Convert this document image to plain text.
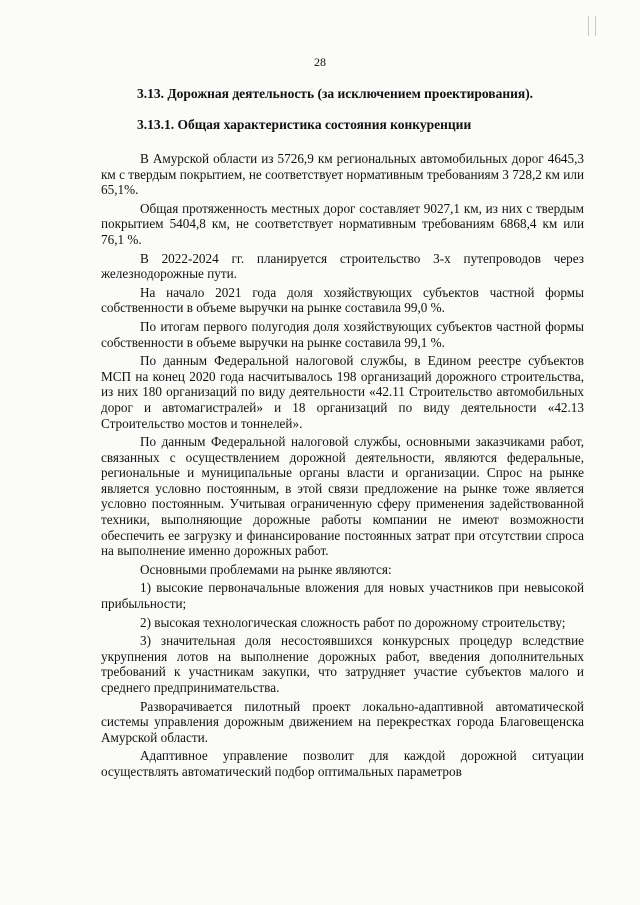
28
3.13. Дорожная деятельность (за исключением проектирования).
3.13.1. Общая характеристика состояния конкуренции

В Амурской области из 5726,9 км региональных автомобильных дорог 4645,3 км с твердым покрытием, не соответствует нормативным требованиям 3 728,2 км или 65,1%.

Общая протяженность местных дорог составляет 9027,1 км, из них с твердым покрытием 5404,8 км, не соответствует нормативным требованиям 6868,4 км или 76,1 %.

В 2022-2024 гг. планируется строительство 3-х путепроводов через железнодорожные пути.

На начало 2021 года доля хозяйствующих субъектов частной формы собственности в объеме выручки на рынке составила 99,0 %.

По итогам первого полугодия доля хозяйствующих субъектов частной формы собственности в объеме выручки на рынке составила 99,1 %.

По данным Федеральной налоговой службы, в Едином реестре субъектов МСП на конец 2020 года насчитывалось 198 организаций дорожного строительства, из них 180 организаций по виду деятельности «42.11 Строительство автомобильных дорог и автомагистралей» и 18 организаций по виду деятельности «42.13 Строительство мостов и тоннелей».

По данным Федеральной налоговой службы, основными заказчиками работ, связанных с осуществлением дорожной деятельности, являются федеральные, региональные и муниципальные органы власти и организации. Спрос на рынке является условно постоянным, в этой связи предложение на рынке тоже является условно постоянным. Учитывая ограниченную сферу применения задействованной техники, выполняющие дорожные работы компании не имеют возможности обеспечить ее загрузку и финансирование постоянных затрат при отсутствии спроса на выполнение именно дорожных работ.

Основными проблемами на рынке являются:

1) высокие первоначальные вложения для новых участников при невысокой прибыльности;

2) высокая технологическая сложность работ по дорожному строительству;

3) значительная доля несостоявшихся конкурсных процедур вследствие укрупнения лотов на выполнение дорожных работ, введения дополнительных требований к участникам закупки, что затрудняет участие субъектов малого и среднего предпринимательства.

Разворачивается пилотный проект локально-адаптивной автоматической системы управления дорожным движением на перекрестках города Благовещенска Амурской области.

Адаптивное управление позволит для каждой дорожной ситуации осуществлять автоматический подбор оптимальных параметров
